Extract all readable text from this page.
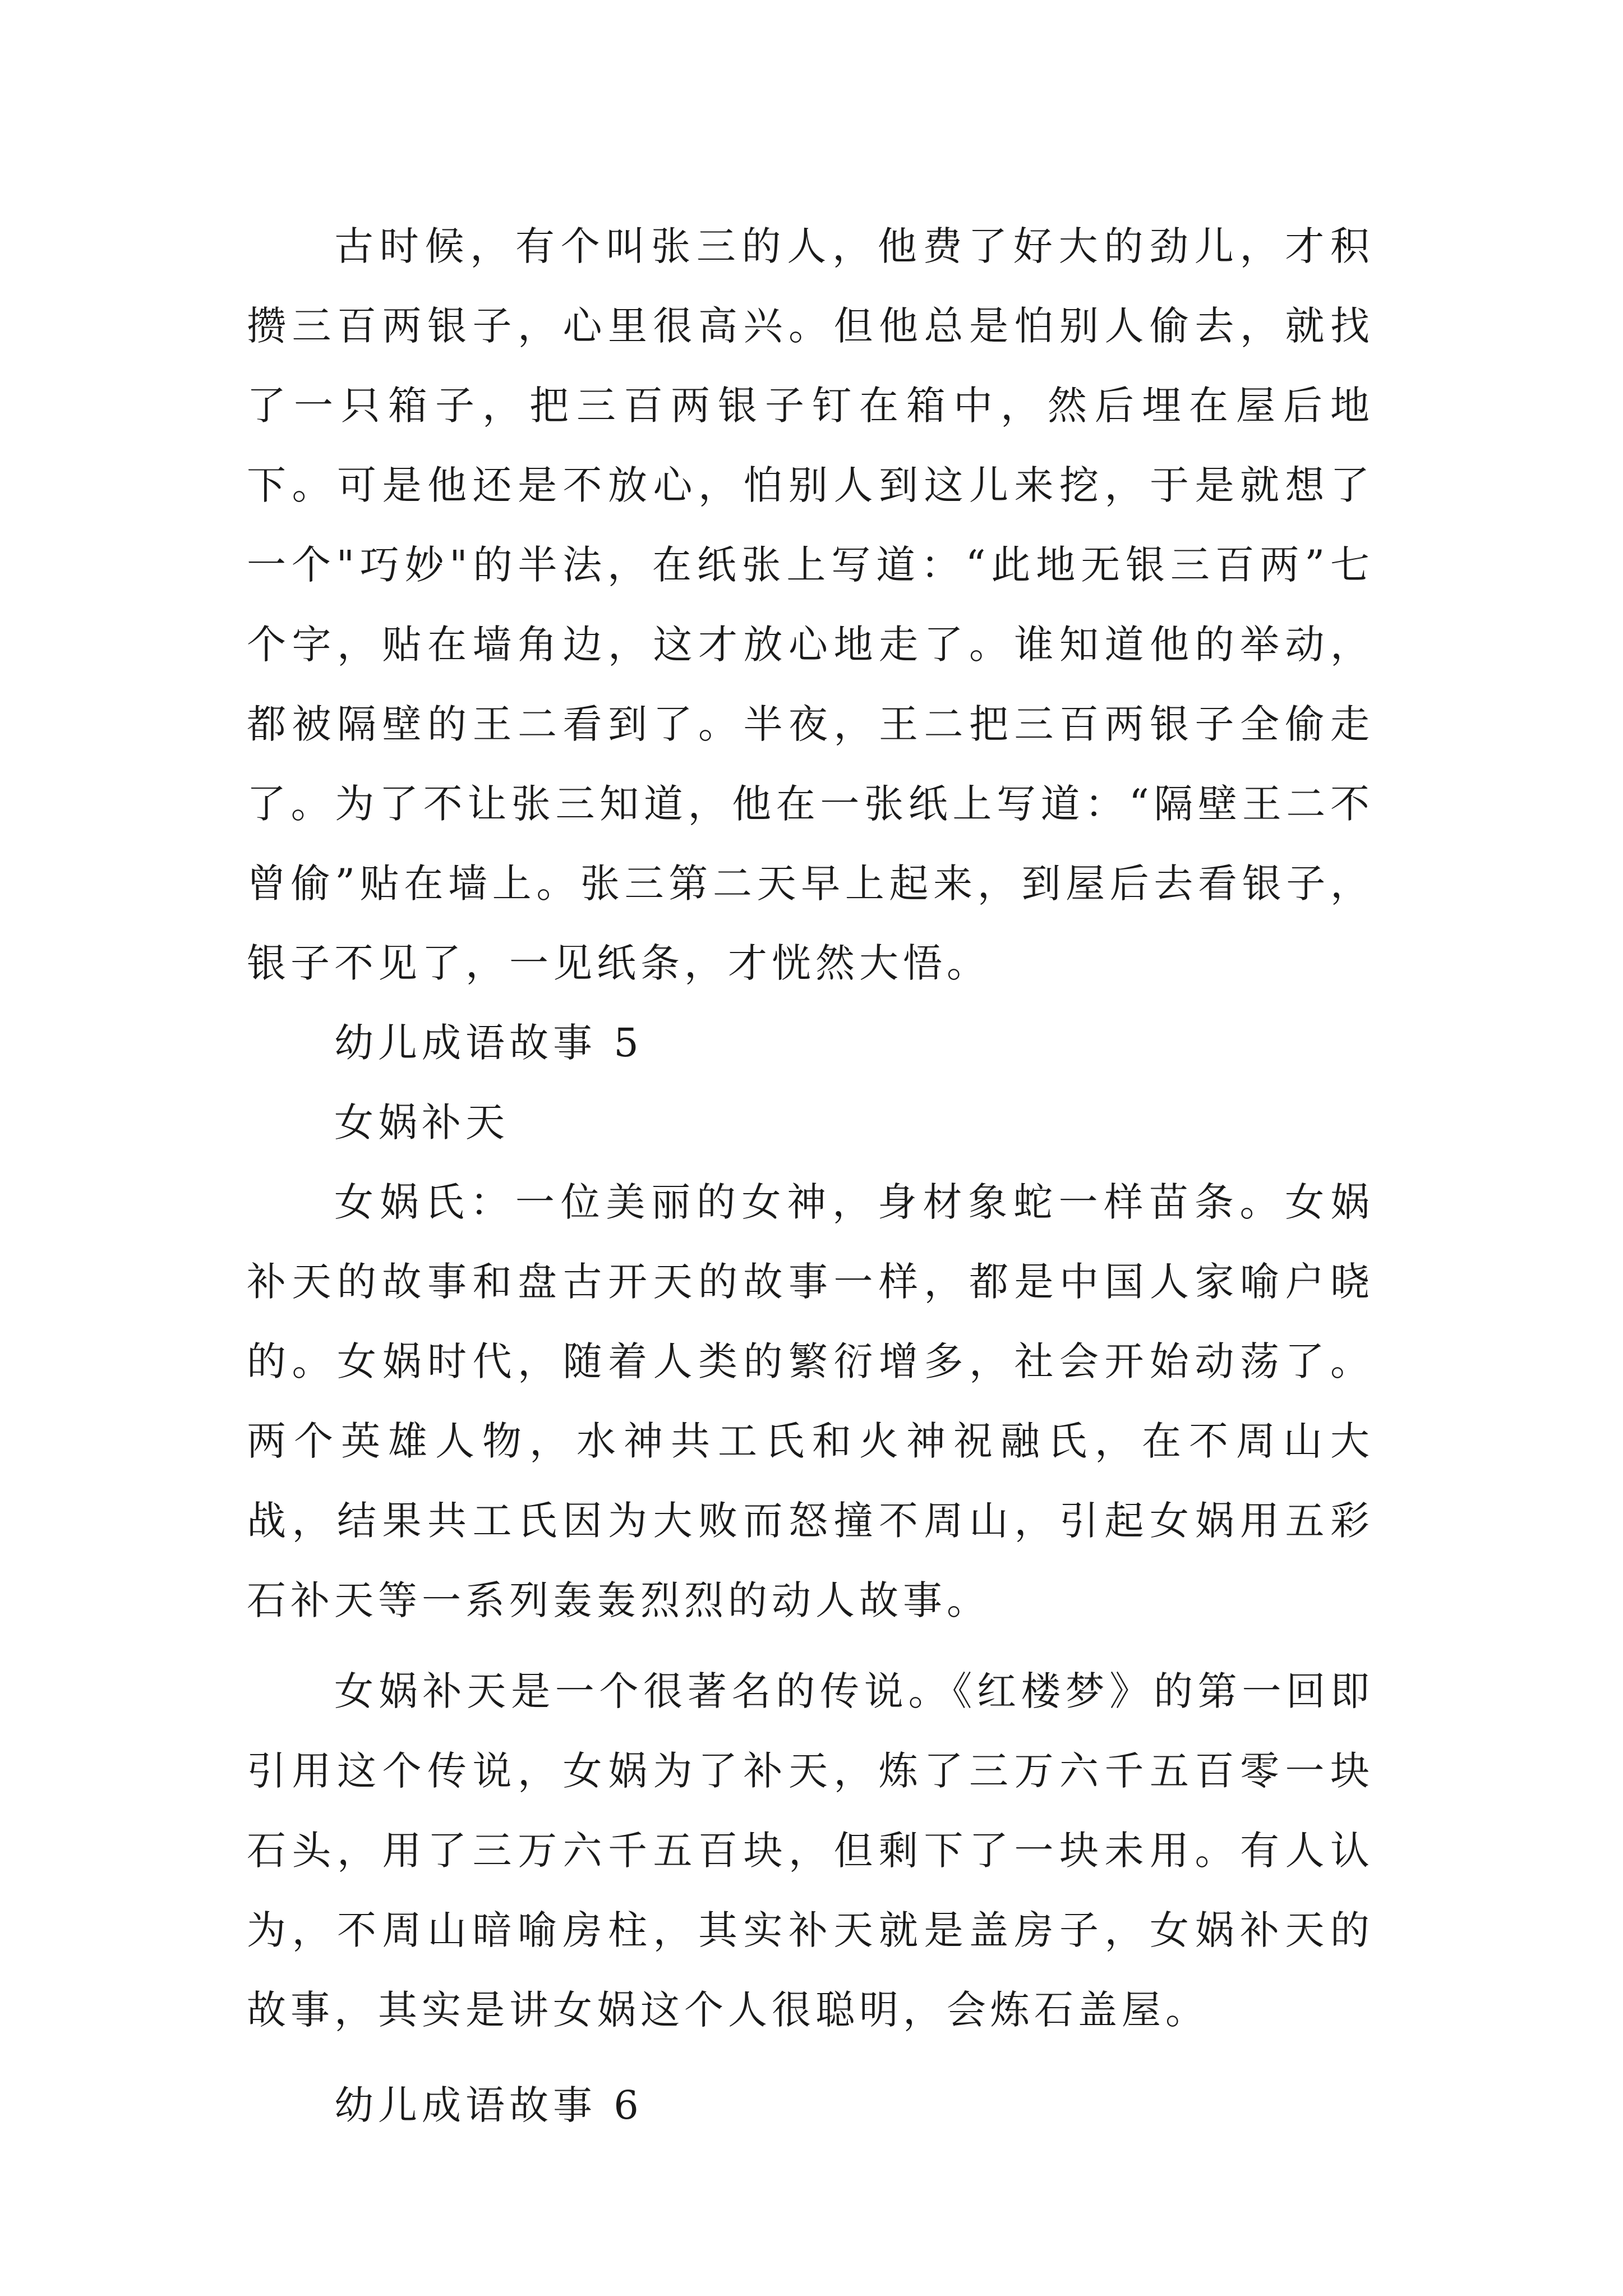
古时候，有个叫张三的人，他费了好大的劲儿，才积攒三百两银子，心里很高兴。但他总是怕别人偷去，就找了一只箱子，把三百两银子钉在箱中，然后埋在屋后地下。可是他还是不放心，怕别人到这儿来挖，于是就想了一个"巧妙"的半法，在纸张上写道：“此地无银三百两”七个字，贴在墙角边，这才放心地走了。谁知道他的举动，都被隔壁的王二看到了。半夜，王二把三百两银子全偷走了。为了不让张三知道，他在一张纸上写道：“隔壁王二不曾偷”贴在墙上。张三第二天早上起来，到屋后去看银子，银子不见了，一见纸条，才恍然大悟。

幼儿成语故事 5

女娲补天

女娲氏：一位美丽的女神，身材象蛇一样苗条。女娲补天的故事和盘古开天的故事一样，都是中国人家喻户晓的。女娲时代，随着人类的繁衍增多，社会开始动荡了。两个英雄人物，水神共工氏和火神祝融氏，在不周山大战，结果共工氏因为大败而怒撞不周山，引起女娲用五彩石补天等一系列轰轰烈烈的动人故事。

女娲补天是一个很著名的传说。《红楼梦》的第一回即引用这个传说，女娲为了补天，炼了三万六千五百零一块石头，用了三万六千五百块，但剩下了一块未用。有人认为，不周山暗喻房柱，其实补天就是盖房子，女娲补天的故事，其实是讲女娲这个人很聪明，会炼石盖屋。

幼儿成语故事 6
